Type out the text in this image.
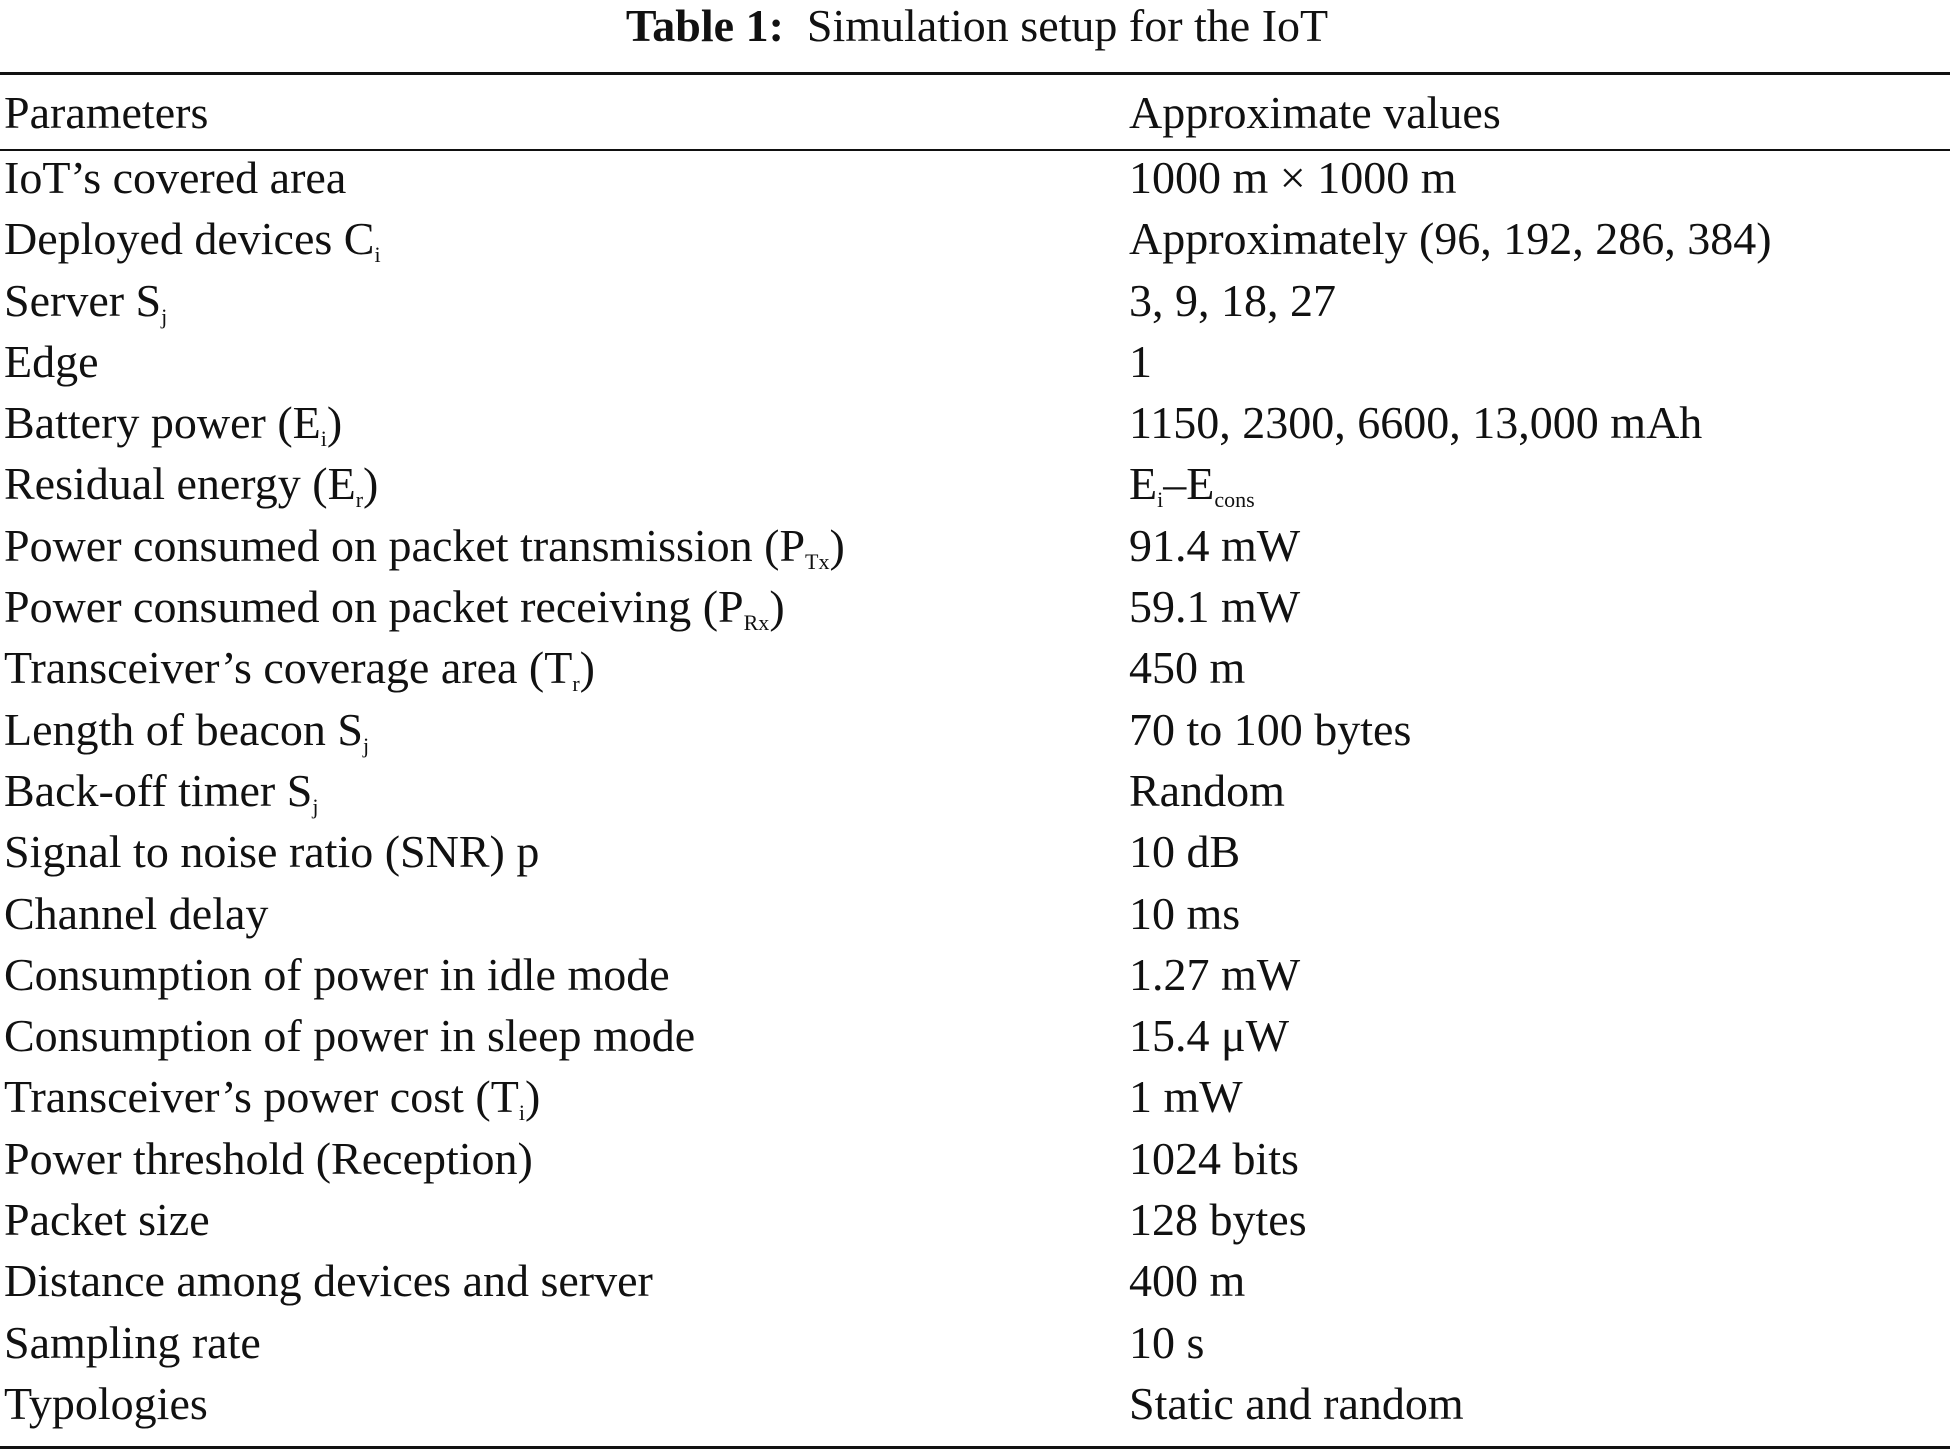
Table 1: Simulation setup for the IoT
Parameters	Approximate values
IoT’s covered area	1000 m × 1000 m
Deployed devices $C_i$	Approximately (96, 192, 286, 384)
Server $S_j$	3, 9, 18, 27
Edge	1
Battery power $(E_i)$	1150, 2300, 6600, 13,000 mAh
Residual energy $(E_r)$	$E_i-E_{cons}$
Power consumed on packet transmission $(P_{Tx})$	91.4 mW
Power consumed on packet receiving $(P_{Rx})$	59.1 mW
Transceiver’s coverage area $(T_r)$	450 m
Length of beacon $S_j$	70 to 100 bytes
Back-off timer $S_j$	Random
Signal to noise ratio (SNR) p	10 dB
Channel delay	10 ms
Consumption of power in idle mode	1.27 mW
Consumption of power in sleep mode	15.4 μW
Transceiver’s power cost $(T_i)$	1 mW
Power threshold (Reception)	1024 bits
Packet size	128 bytes
Distance among devices and server	400 m
Sampling rate	10 s
Typologies	Static and random
